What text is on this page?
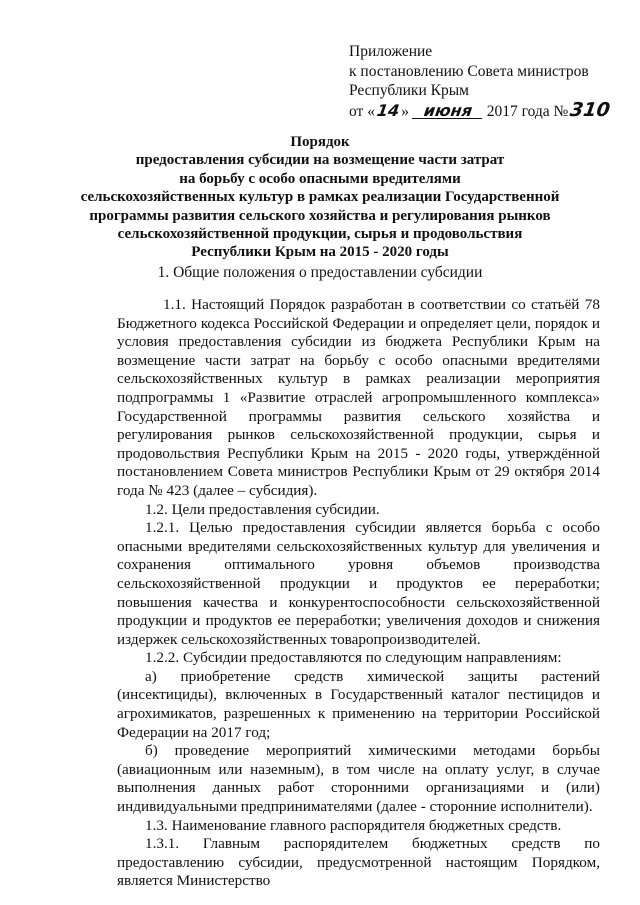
Приложение
к постановлению Совета министров
Республики Крым
от «14» июня 2017 года №310
Порядок
предоставления субсидии на возмещение части затрат
на борьбу с особо опасными вредителями
сельскохозяйственных культур в рамках реализации Государственной
программы развития сельского хозяйства и регулирования рынков
сельскохозяйственной продукции, сырья и продовольствия
Республики Крым на 2015 - 2020 годы
1. Общие положения о предоставлении субсидии

1.1. Настоящий Порядок разработан в соответствии со статьёй 78 Бюджетного кодекса Российской Федерации и определяет цели, порядок и условия предоставления субсидии из бюджета Республики Крым на возмещение части затрат на борьбу с особо опасными вредителями сельскохозяйственных культур в рамках реализации мероприятия подпрограммы 1 «Развитие отраслей агропромышленного комплекса» Государственной программы развития сельского хозяйства и регулирования рынков сельскохозяйственной продукции, сырья и продовольствия Республики Крым на 2015 - 2020 годы, утверждённой постановлением Совета министров Республики Крым от 29 октября 2014 года № 423 (далее – субсидия).

1.2. Цели предоставления субсидии.

1.2.1. Целью предоставления субсидии является борьба с особо опасными вредителями сельскохозяйственных культур для увеличения и сохранения оптимального уровня объемов производства сельскохозяйственной продукции и продуктов ее переработки; повышения качества и конкурентоспособности сельскохозяйственной продукции и продуктов ее переработки; увеличения доходов и снижения издержек сельскохозяйственных товаропроизводителей.

1.2.2. Субсидии предоставляются по следующим направлениям:

а) приобретение средств химической защиты растений (инсектициды), включенных в Государственный каталог пестицидов и агрохимикатов, разрешенных к применению на территории Российской Федерации на 2017 год;

б) проведение мероприятий химическими методами борьбы (авиационным или наземным), в том числе на оплату услуг, в случае выполнения данных работ сторонними организациями и (или) индивидуальными предпринимателями (далее - сторонние исполнители).

1.3. Наименование главного распорядителя бюджетных средств.

1.3.1. Главным распорядителем бюджетных средств по предоставлению субсидии, предусмотренной настоящим Порядком, является Министерство
